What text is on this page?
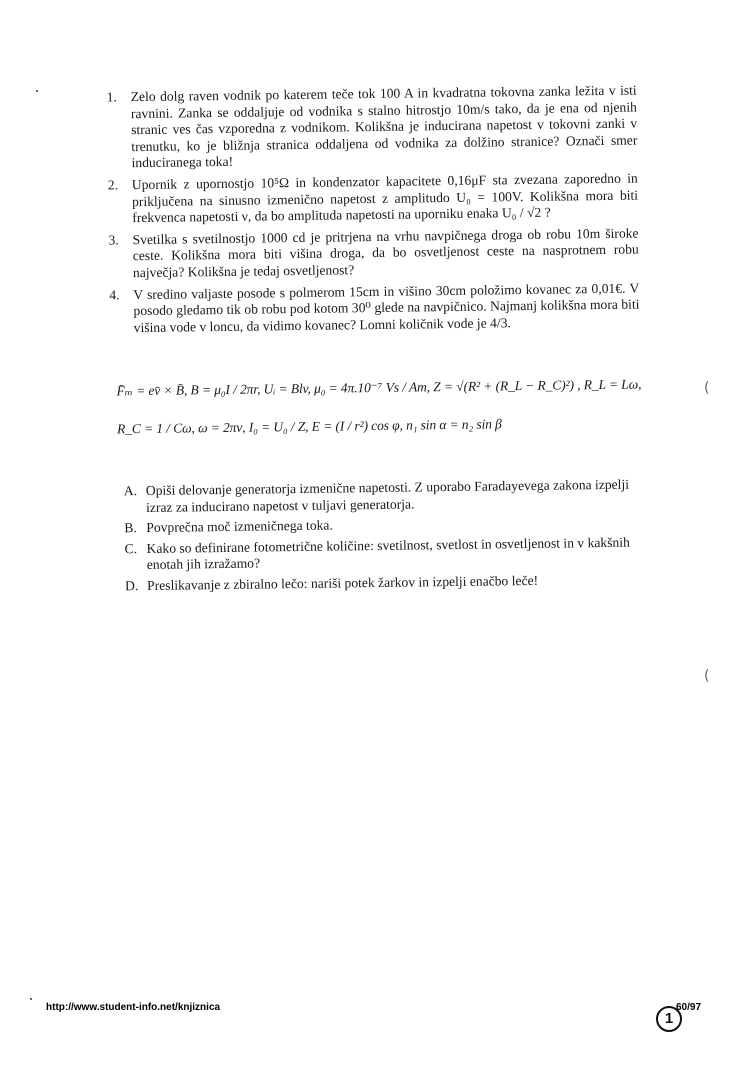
1. Zelo dolg raven vodnik po katerem teče tok 100 A in kvadratna tokovna zanka ležita v isti ravnini. Zanka se oddaljuje od vodnika s stalno hitrostjo 10m/s tako, da je ena od njenih stranic ves čas vzporedna z vodnikom. Kolikšna je inducirana napetost v tokovni zanki v trenutku, ko je bližnja stranica oddaljena od vodnika za dolžino stranice? Označi smer induciranega toka!
2. Upornik z upornostjo 10⁵Ω in kondenzator kapacitete 0,16μF sta zvezana zaporedno in priključena na sinusno izmenično napetost z amplitudo U₀ = 100V. Kolikšna mora biti frekvenca napetosti ν, da bo amplituda napetosti na uporniku enaka U₀ / √2 ?
3. Svetilka s svetilnostjo 1000 cd je pritrjena na vrhu navpičnega droga ob robu 10m široke ceste. Kolikšna mora biti višina droga, da bo osvetljenost ceste na nasprotnem robu največja? Kolikšna je tedaj osvetljenost?
4. V sredino valjaste posode s polmerom 15cm in višino 30cm položimo kovanec za 0,01€. V posodo gledamo tik ob robu pod kotom 30⁰ glede na navpičnico. Najmanj kolikšna mora biti višina vode v loncu, da vidimo kovanec? Lomni količnik vode je 4/3.
F̄ₘ = ev̄ × B̄, B = μ₀I / 2πr, Uᵢ = Blv, μ₀ = 4π.10⁻⁷ Vs / Am, Z = √(R² + (R_L − R_C)²) , R_L = Lω,
R_C = 1 / Cω, ω = 2πν, I₀ = U₀ / Z, E = (I / r²) cos φ, n₁ sin α = n₂ sin β
A. Opiši delovanje generatorja izmenične napetosti. Z uporabo Faradayevega zakona izpelji izraz za inducirano napetost v tuljavi generatorja.
B. Povprečna moč izmeničnega toka.
C. Kako so definirane fotometrične količine: svetilnost, svetlost in osvetljenost in v kakšnih enotah jih izražamo?
D. Preslikavanje z zbiralno lečo: nariši potek žarkov in izpelji enačbo leče!
(
(
http://www.student-info.net/knjiznica
1
60/97
